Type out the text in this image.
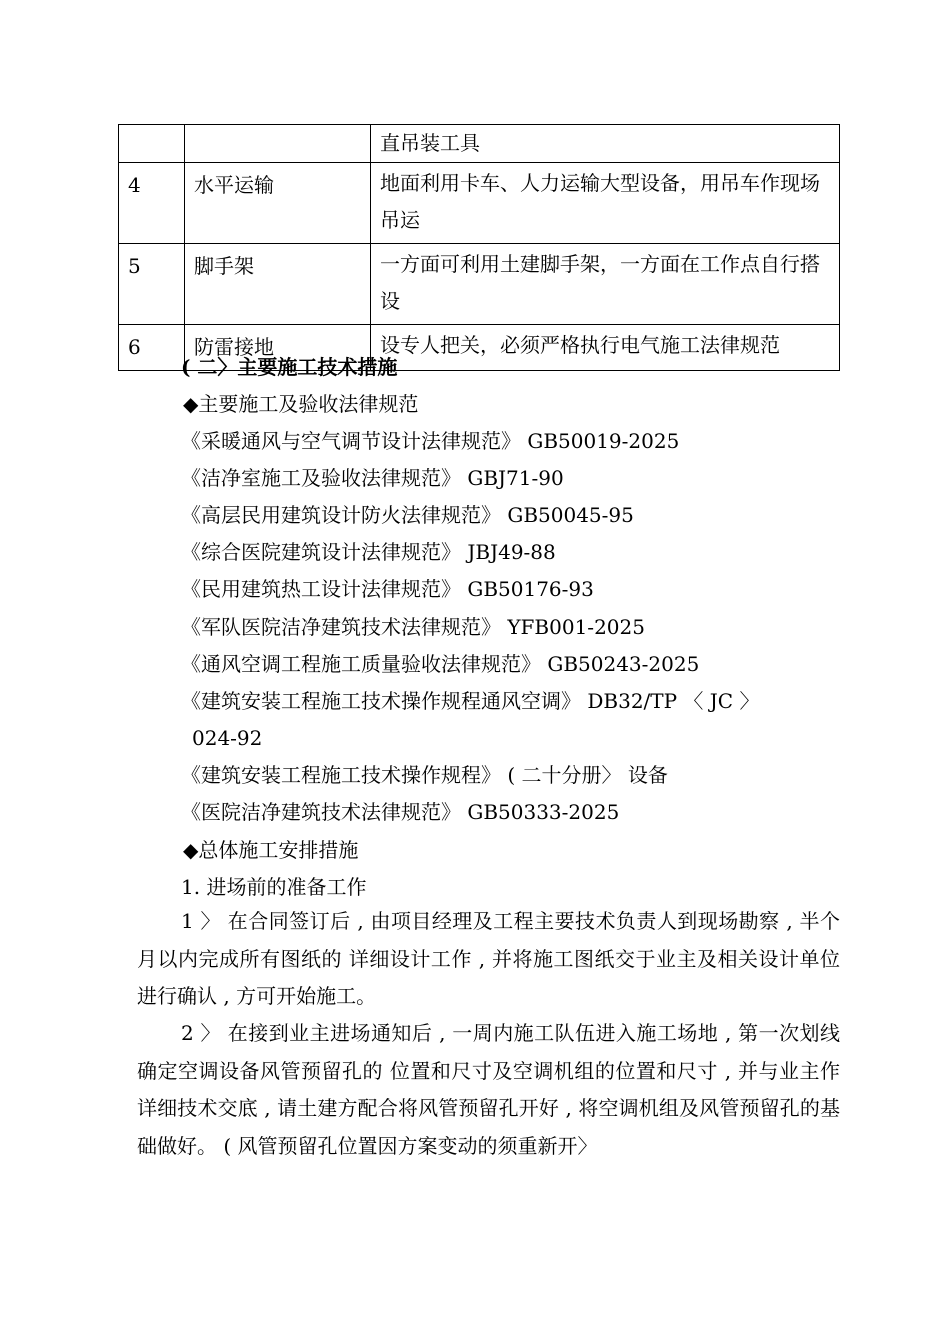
		直吊装工具
4	水平运输	地面利用卡车、人力运输大型设备，用吊车作现场吊运
5	脚手架	一方面可利用土建脚手架，一方面在工作点自行搭设
6	防雷接地	设专人把关，必须严格执行电气施工法律规范
( 二〉主要施工技术措施
◆主要施工及验收法律规范
《采暖通风与空气调节设计法律规范》 GB50019-2025
《洁净室施工及验收法律规范》 GBJ71-90
《高层民用建筑设计防火法律规范》 GB50045-95
《综合医院建筑设计法律规范》 JBJ49-88
《民用建筑热工设计法律规范》 GB50176-93
《军队医院洁净建筑技术法律规范》 YFB001-2025
《通风空调工程施工质量验收法律规范》 GB50243-2025
《建筑安装工程施工技术操作规程通风空调》 DB32/TP 〈 JC 〉
024-92
《建筑安装工程施工技术操作规程》 ( 二十分册〉 设备
《医院洁净建筑技术法律规范》 GB50333-2025
◆总体施工安排措施
1. 进场前的准备工作
1 〉 在合同签订后 , 由项目经理及工程主要技术负责人到现场勘察 , 半个月以内完成所有图纸的 详细设计工作 , 并将施工图纸交于业主及相关设计单位进行确认 , 方可开始施工。
2 〉 在接到业主进场通知后 , 一周内施工队伍进入施工场地 , 第一次划线确定空调设备风管预留孔的 位置和尺寸及空调机组的位置和尺寸 , 并与业主作详细技术交底 , 请土建方配合将风管预留孔开好 , 将空调机组及风管预留孔的基础做好。 ( 风管预留孔位置因方案变动的须重新开〉
